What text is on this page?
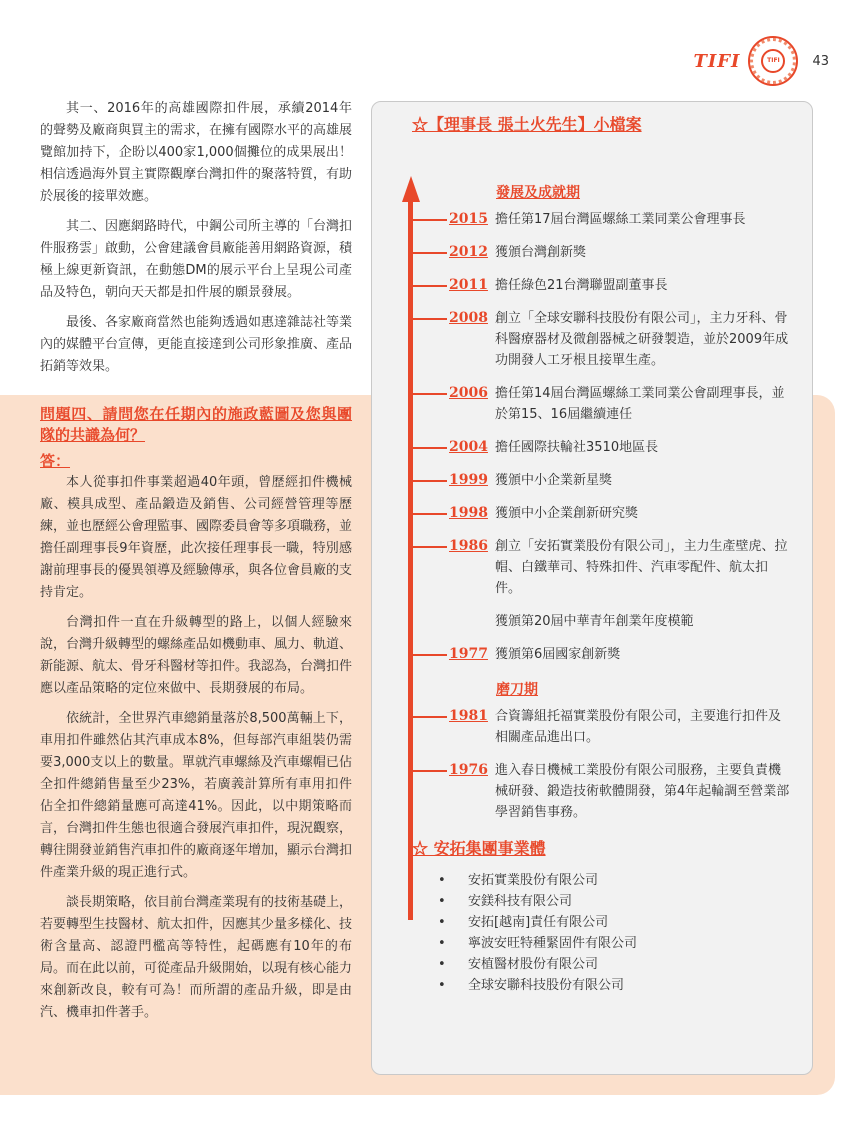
TIFI	TIFI	43

其一、2016年的高雄國際扣件展，承續2014年的聲勢及廠商與買主的需求，在擁有國際水平的高雄展覽館加持下，企盼以400家1,000個攤位的成果展出！相信透過海外買主實際觀摩台灣扣件的聚落特質，有助於展後的接單效應。

其二、因應網路時代，中鋼公司所主導的「台灣扣件服務雲」啟動，公會建議會員廠能善用網路資源，積極上線更新資訊，在動態DM的展示平台上呈現公司產品及特色，朝向天天都是扣件展的願景發展。

最後、各家廠商當然也能夠透過如惠達雜誌社等業內的媒體平台宣傳，更能直接達到公司形象推廣、產品拓銷等效果。

問題四、請問您在任期內的施政藍圖及您與團隊的共識為何？
答：

本人從事扣件事業超過40年頭，曾歷經扣件機械廠、模具成型、產品鍛造及銷售、公司經營管理等歷練，並也歷經公會理監事、國際委員會等多項職務，並擔任副理事長9年資歷，此次接任理事長一職，特別感謝前理事長的優異領導及經驗傳承，與各位會員廠的支持肯定。

台灣扣件一直在升級轉型的路上，以個人經驗來說，台灣升級轉型的螺絲產品如機動車、風力、軌道、新能源、航太、骨牙科醫材等扣件。我認為，台灣扣件應以產品策略的定位來做中、長期發展的布局。

依統計，全世界汽車總銷量落於8,500萬輛上下，車用扣件雖然佔其汽車成本8%，但每部汽車組裝仍需要3,000支以上的數量。單就汽車螺絲及汽車螺帽已佔全扣件總銷售量至少23%，若廣義計算所有車用扣件佔全扣件總銷量應可高達41%。因此，以中期策略而言，台灣扣件生態也很適合發展汽車扣件，現況觀察，轉往開發並銷售汽車扣件的廠商逐年增加，顯示台灣扣件產業升級的現正進行式。

談長期策略，依目前台灣產業現有的技術基礎上，若要轉型生技醫材、航太扣件，因應其少量多樣化、技術含量高、認證門檻高等特性，起碼應有10年的布局。而在此以前，可從產品升級開始，以現有核心能力來創新改良，較有可為！而所謂的產品升級，即是由汽、機車扣件著手。

☆【理事長 張土火先生】小檔案
發展及成就期
2015 擔任第17屆台灣區螺絲工業同業公會理事長
2012 獲頒台灣創新獎
2011 擔任綠色21台灣聯盟副董事長
2008 創立「全球安聯科技股份有限公司」，主力牙科、骨科醫療器材及微創器械之研發製造，並於2009年成功開發人工牙根且接單生產。
2006 擔任第14屆台灣區螺絲工業同業公會副理事長，並於第15、16屆繼續連任
2004 擔任國際扶輪社3510地區長
1999 獲頒中小企業新星獎
1998 獲頒中小企業創新研究獎
1986 創立「安拓實業股份有限公司」，主力生產壁虎、拉帽、白鐵華司、特殊扣件、汽車零配件、航太扣件。
獲頒第20屆中華青年創業年度模範
1977 獲頒第6屆國家創新獎
磨刀期
1981 合資籌組托福實業股份有限公司，主要進行扣件及相關產品進出口。
1976 進入春日機械工業股份有限公司服務，主要負責機械研發、鍛造技術軟體開發，第4年起輪調至營業部學習銷售事務。
☆ 安拓集團事業體
• 安拓實業股份有限公司
• 安鎂科技有限公司
• 安拓[越南]責任有限公司
• 寧波安旺特種緊固件有限公司
• 安植醫材股份有限公司
• 全球安聯科技股份有限公司
